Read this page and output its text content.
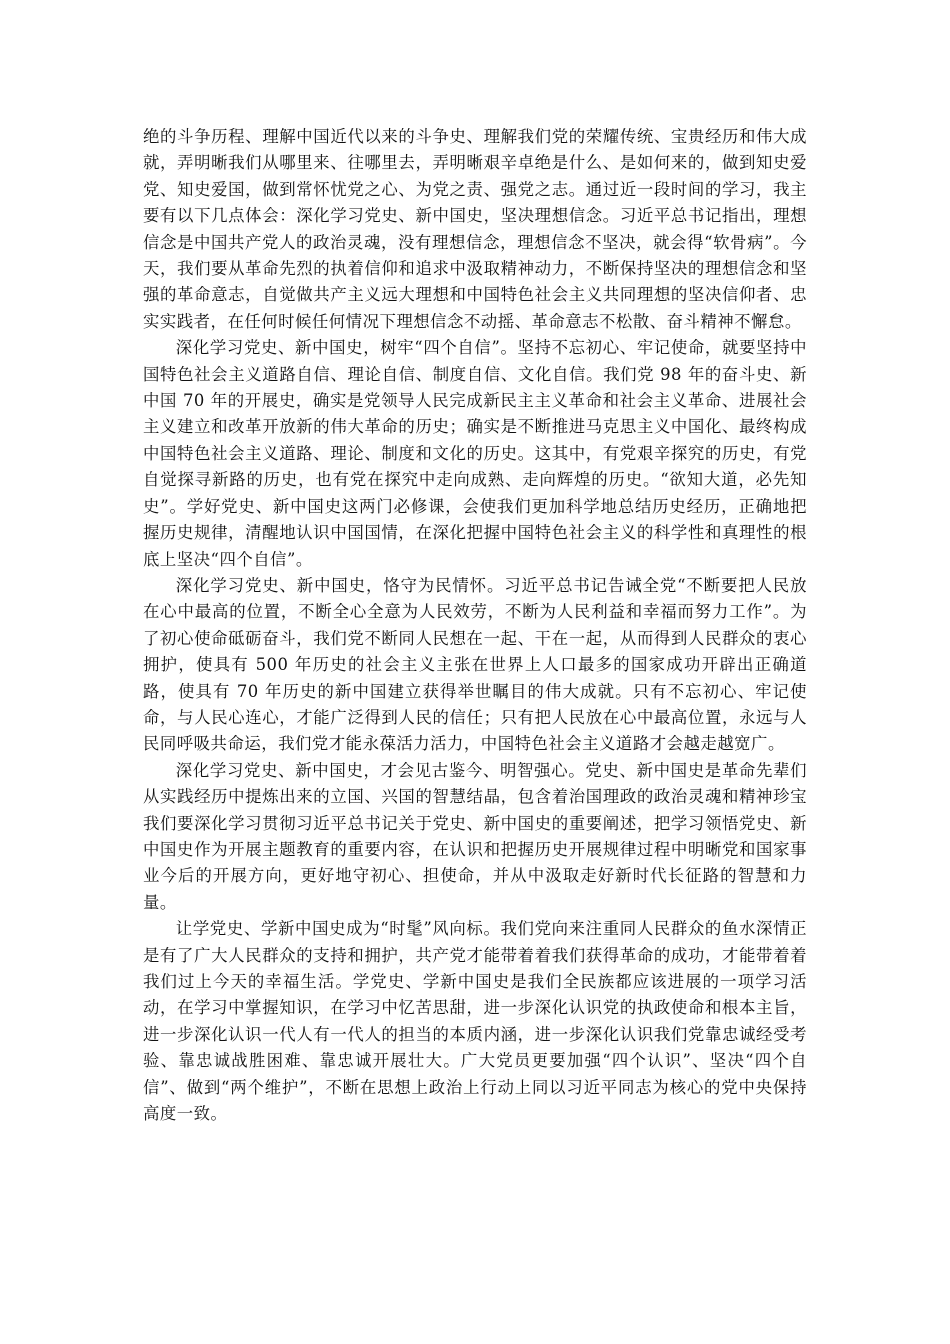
绝的斗争历程、理解中国近代以来的斗争史、理解我们党的荣耀传统、宝贵经历和伟大成就，弄明晰我们从哪里来、往哪里去，弄明晰艰辛卓绝是什么、是如何来的，做到知史爱党、知史爱国，做到常怀忧党之心、为党之责、强党之志。通过近一段时间的学习，我主要有以下几点体会：深化学习党史、新中国史，坚决理想信念。习近平总书记指出，理想信念是中国共产党人的政治灵魂，没有理想信念，理想信念不坚决，就会得“软骨病”。今天，我们要从革命先烈的执着信仰和追求中汲取精神动力，不断保持坚决的理想信念和坚强的革命意志，自觉做共产主义远大理想和中国特色社会主义共同理想的坚决信仰者、忠实实践者，在任何时候任何情况下理想信念不动摇、革命意志不松散、奋斗精神不懈怠。

深化学习党史、新中国史，树牢“四个自信”。坚持不忘初心、牢记使命，就要坚持中国特色社会主义道路自信、理论自信、制度自信、文化自信。我们党 98 年的奋斗史、新中国 70 年的开展史，确实是党领导人民完成新民主主义革命和社会主义革命、进展社会主义建立和改革开放新的伟大革命的历史；确实是不断推进马克思主义中国化、最终构成中国特色社会主义道路、理论、制度和文化的历史。这其中，有党艰辛探究的历史，有党自觉探寻新路的历史，也有党在探究中走向成熟、走向辉煌的历史。“欲知大道，必先知史”。学好党史、新中国史这两门必修课，会使我们更加科学地总结历史经历，正确地把握历史规律，清醒地认识中国国情，在深化把握中国特色社会主义的科学性和真理性的根底上坚决“四个自信”。

深化学习党史、新中国史，恪守为民情怀。习近平总书记告诫全党“不断要把人民放在心中最高的位置，不断全心全意为人民效劳，不断为人民利益和幸福而努力工作”。为了初心使命砥砺奋斗，我们党不断同人民想在一起、干在一起，从而得到人民群众的衷心拥护，使具有 500 年历史的社会主义主张在世界上人口最多的国家成功开辟出正确道路，使具有 70 年历史的新中国建立获得举世瞩目的伟大成就。只有不忘初心、牢记使命，与人民心连心，才能广泛得到人民的信任；只有把人民放在心中最高位置，永远与人民同呼吸共命运，我们党才能永葆活力活力，中国特色社会主义道路才会越走越宽广。

深化学习党史、新中国史，才会见古鉴今、明智强心。党史、新中国史是革命先辈们从实践经历中提炼出来的立国、兴国的智慧结晶，包含着治国理政的政治灵魂和精神珍宝我们要深化学习贯彻习近平总书记关于党史、新中国史的重要阐述，把学习领悟党史、新中国史作为开展主题教育的重要内容，在认识和把握历史开展规律过程中明晰党和国家事业今后的开展方向，更好地守初心、担使命，并从中汲取走好新时代长征路的智慧和力量。

让学党史、学新中国史成为“时髦”风向标。我们党向来注重同人民群众的鱼水深情正是有了广大人民群众的支持和拥护，共产党才能带着着我们获得革命的成功，才能带着着我们过上今天的幸福生活。学党史、学新中国史是我们全民族都应该进展的一项学习活动，在学习中掌握知识，在学习中忆苦思甜，进一步深化认识党的执政使命和根本主旨，进一步深化认识一代人有一代人的担当的本质内涵，进一步深化认识我们党靠忠诚经受考验、靠忠诚战胜困难、靠忠诚开展壮大。广大党员更要加强“四个认识”、坚决“四个自信”、做到“两个维护”，不断在思想上政治上行动上同以习近平同志为核心的党中央保持高度一致。
